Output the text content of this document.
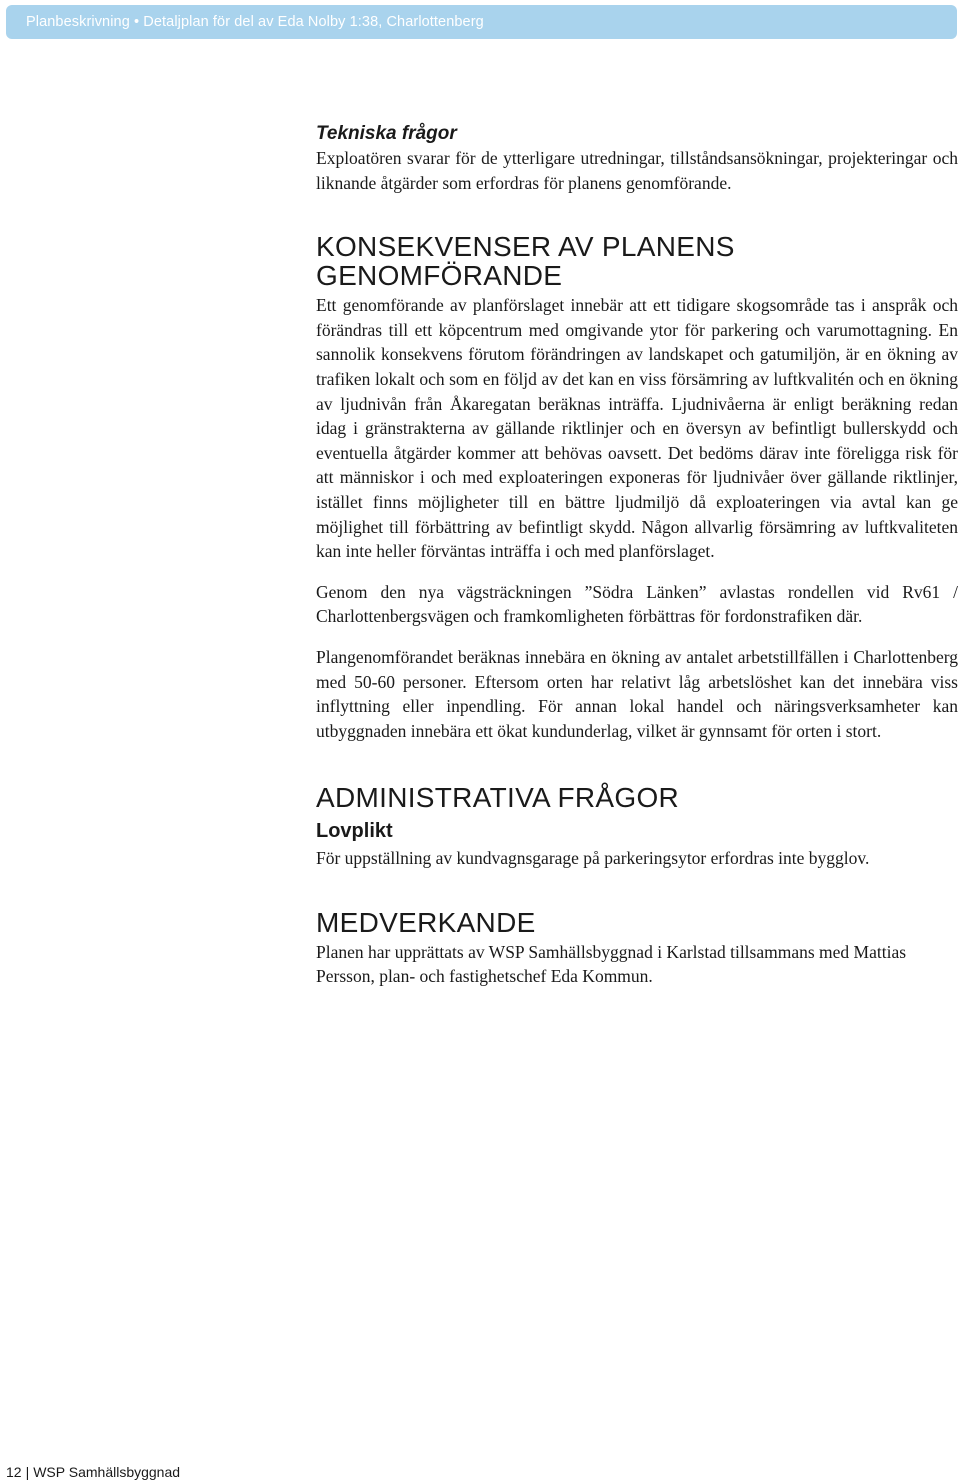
Planbeskrivning • Detaljplan för del av Eda Nolby 1:38, Charlottenberg
Tekniska frågor

Exploatören svarar för de ytterligare utredningar, tillståndsansökningar, projekteringar och liknande åtgärder som erfordras för planens genomförande.

KONSEKVENSER AV PLANENS GENOMFÖRANDE

Ett genomförande av planförslaget innebär att ett tidigare skogsområde tas i anspråk och förändras till ett köpcentrum med omgivande ytor för parkering och varumottagning. En sannolik konsekvens förutom förändringen av landskapet och gatumiljön, är en ökning av trafiken lokalt och som en följd av det kan en viss försämring av luftkvalitén och en ökning av ljudnivån från Åkaregatan beräknas inträffa. Ljudnivåerna är enligt beräkning redan idag i gränstrakterna av gällande riktlinjer och en översyn av befintligt bullerskydd och eventuella åtgärder kommer att behövas oavsett. Det bedöms därav inte föreligga risk för att människor i och med exploateringen exponeras för ljudnivåer över gällande riktlinjer, istället finns möjligheter till en bättre ljudmiljö då exploateringen via avtal kan ge möjlighet till förbättring av befintligt skydd. Någon allvarlig försämring av luftkvaliteten kan inte heller förväntas inträffa i och med planförslaget.

Genom den nya vägsträckningen ”Södra Länken” avlastas rondellen vid Rv61 / Charlottenbergsvägen och framkomligheten förbättras för fordonstrafiken där.

Plangenomförandet beräknas innebära en ökning av antalet arbetstillfällen i Charlottenberg med 50-60 personer. Eftersom orten har relativt låg arbetslöshet kan det innebära viss inflyttning eller inpendling. För annan lokal handel och näringsverksamheter kan utbyggnaden innebära ett ökat kundunderlag, vilket är gynnsamt för orten i stort.

ADMINISTRATIVA FRÅGOR
Lovplikt

För uppställning av kundvagnsgarage på parkeringsytor erfordras inte bygglov.

MEDVERKANDE

Planen har upprättats av WSP Samhällsbyggnad i Karlstad tillsammans med Mattias Persson, plan- och fastighetschef Eda Kommun.

12 | WSP Samhällsbyggnad
